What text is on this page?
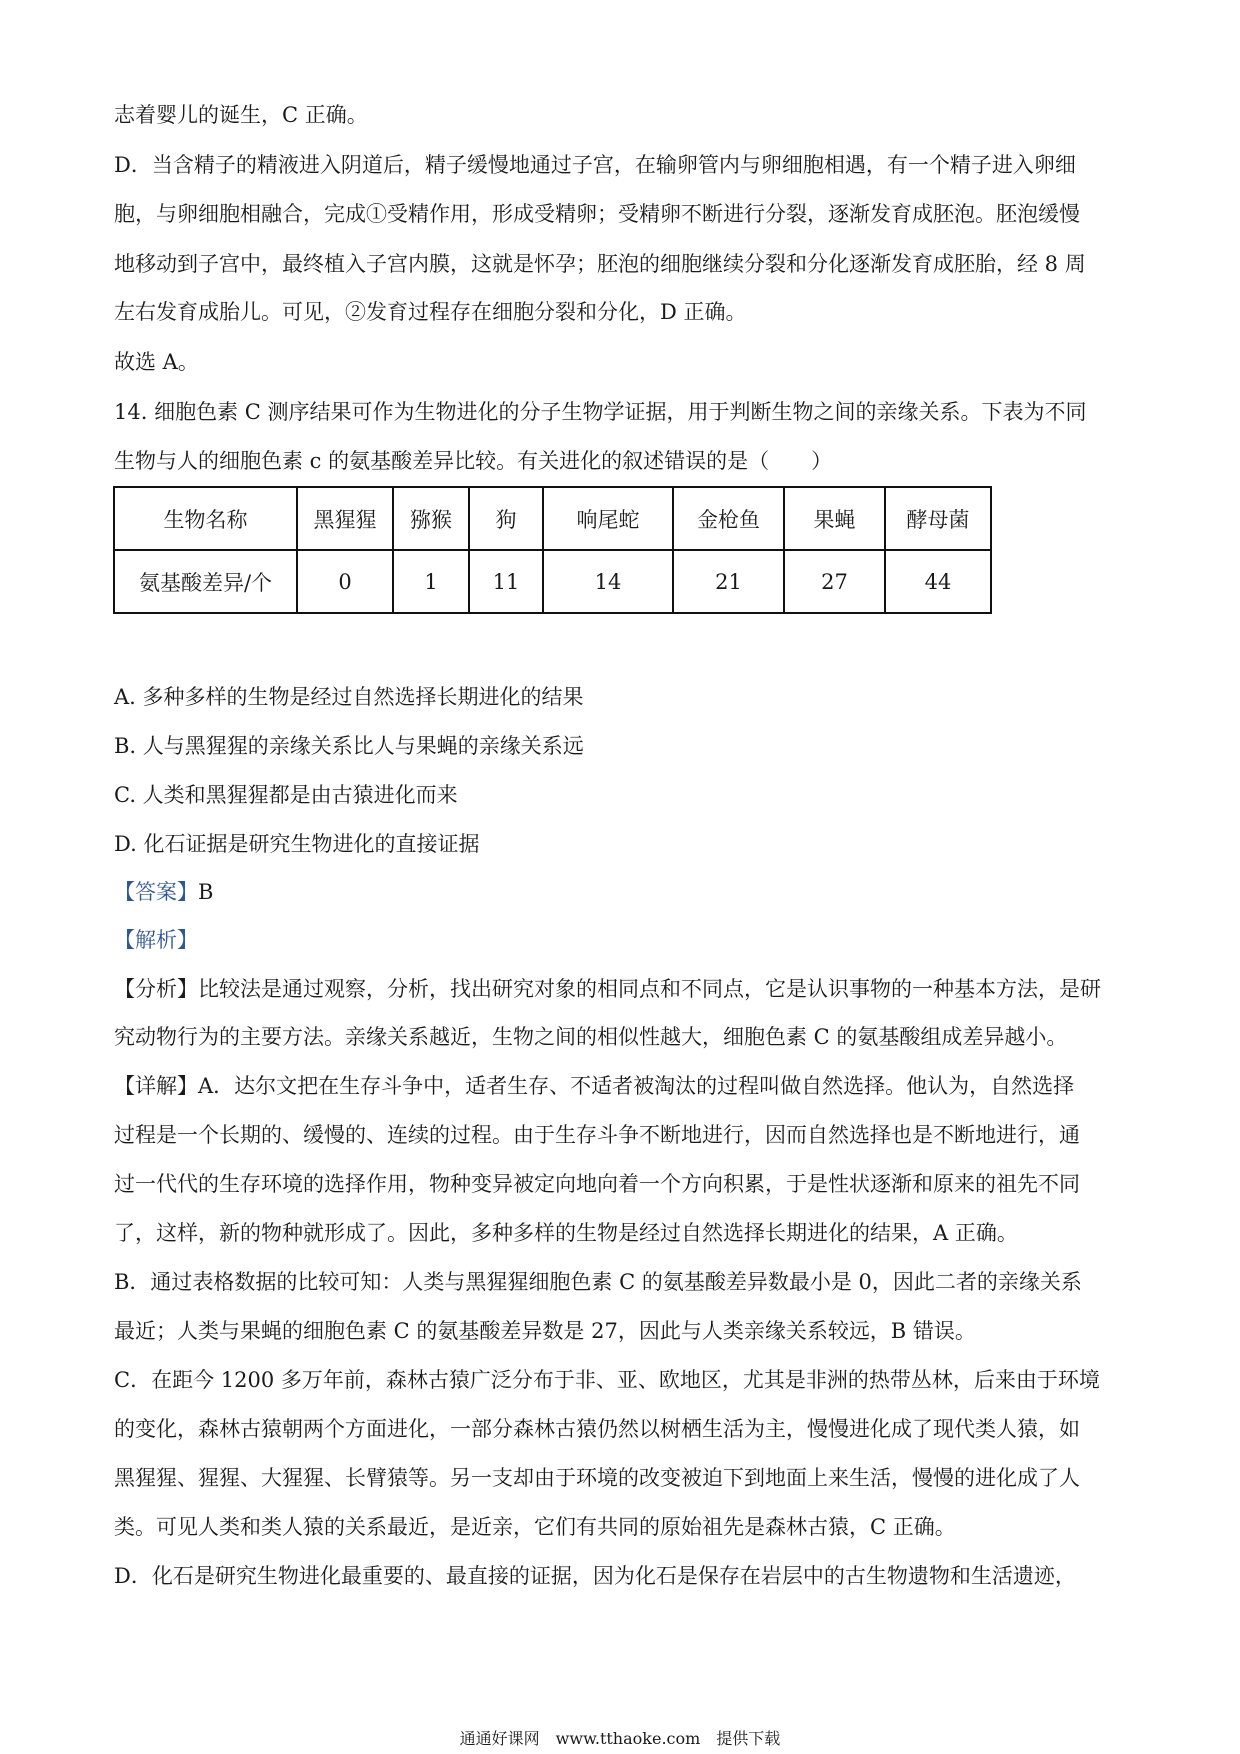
志着婴儿的诞生，C 正确。
D．当含精子的精液进入阴道后，精子缓慢地通过子宫，在输卵管内与卵细胞相遇，有一个精子进入卵细
胞，与卵细胞相融合，完成①受精作用，形成受精卵；受精卵不断进行分裂，逐渐发育成胚泡。胚泡缓慢
地移动到子宫中，最终植入子宫内膜，这就是怀孕；胚泡的细胞继续分裂和分化逐渐发育成胚胎，经 8 周
左右发育成胎儿。可见，②发育过程存在细胞分裂和分化，D 正确。
故选 A。
14. 细胞色素 C 测序结果可作为生物进化的分子生物学证据，用于判断生物之间的亲缘关系。下表为不同
生物与人的细胞色素 c 的氨基酸差异比较。有关进化的叙述错误的是（　　）
生物名称	黑猩猩	猕猴	狗	响尾蛇	金枪鱼	果蝇	酵母菌
氨基酸差异/个	0	1	11	14	21	27	44
A. 多种多样的生物是经过自然选择长期进化的结果
B. 人与黑猩猩的亲缘关系比人与果蝇的亲缘关系远
C. 人类和黑猩猩都是由古猿进化而来
D. 化石证据是研究生物进化的直接证据
【答案】B
【解析】
【分析】比较法是通过观察，分析，找出研究对象的相同点和不同点，它是认识事物的一种基本方法，是研
究动物行为的主要方法。亲缘关系越近，生物之间的相似性越大，细胞色素 C 的氨基酸组成差异越小。
【详解】A．达尔文把在生存斗争中，适者生存、不适者被淘汰的过程叫做自然选择。他认为，自然选择
过程是一个长期的、缓慢的、连续的过程。由于生存斗争不断地进行，因而自然选择也是不断地进行，通
过一代代的生存环境的选择作用，物种变异被定向地向着一个方向积累，于是性状逐渐和原来的祖先不同
了，这样，新的物种就形成了。因此，多种多样的生物是经过自然选择长期进化的结果，A 正确。
B．通过表格数据的比较可知：人类与黑猩猩细胞色素 C 的氨基酸差异数最小是 0，因此二者的亲缘关系
最近；人类与果蝇的细胞色素 C 的氨基酸差异数是 27，因此与人类亲缘关系较远，B 错误。
C．在距今 1200 多万年前，森林古猿广泛分布于非、亚、欧地区，尤其是非洲的热带丛林，后来由于环境
的变化，森林古猿朝两个方面进化，一部分森林古猿仍然以树栖生活为主，慢慢进化成了现代类人猿，如
黑猩猩、猩猩、大猩猩、长臂猿等。另一支却由于环境的改变被迫下到地面上来生活，慢慢的进化成了人
类。可见人类和类人猿的关系最近，是近亲，它们有共同的原始祖先是森林古猿，C 正确。
D．化石是研究生物进化最重要的、最直接的证据，因为化石是保存在岩层中的古生物遗物和生活遗迹，
通通好课网　www.tthaoke.com　提供下载
